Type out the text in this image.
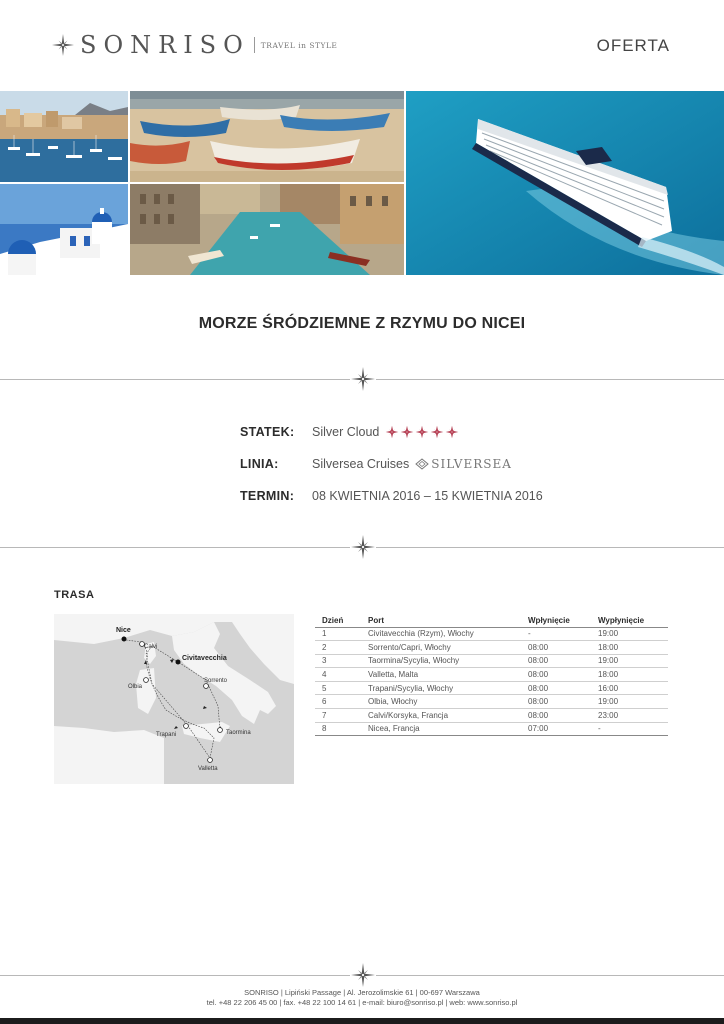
SONRISO TRAVEL in STYLE	OFERTA
MORZE ŚRÓDZIEMNE Z RZYMU DO NICEI
STATEK:	Silver Cloud
LINIA:	Silversea Cruises SILVERSEA
TERMIN:	08 KWIETNIA 2016 – 15 KWIETNIA 2016
TRASA
Nice
Calvi
Civitavecchia
Olbia
Sorrento
Trapani	Taormina
Valletta
Dzień	Port	Wpłynięcie	Wypłynięcie
1	Civitavecchia (Rzym), Włochy	-	19:00
2	Sorrento/Capri, Włochy	08:00	18:00
3	Taormina/Sycylia, Włochy	08:00	19:00
4	Valletta, Malta	08:00	18:00
5	Trapani/Sycylia, Włochy	08:00	16:00
6	Olbia, Włochy	08:00	19:00
7	Calvi/Korsyka, Francja	08:00	23:00
8	Nicea, Francja	07:00	-
SONRISO | Lipiński Passage | Al. Jerozolimskie 61 | 00-697 Warszawa
tel. +48 22 206 45 00 | fax. +48 22 100 14 61 | e-mail: biuro@sonriso.pl | web: www.sonriso.pl
